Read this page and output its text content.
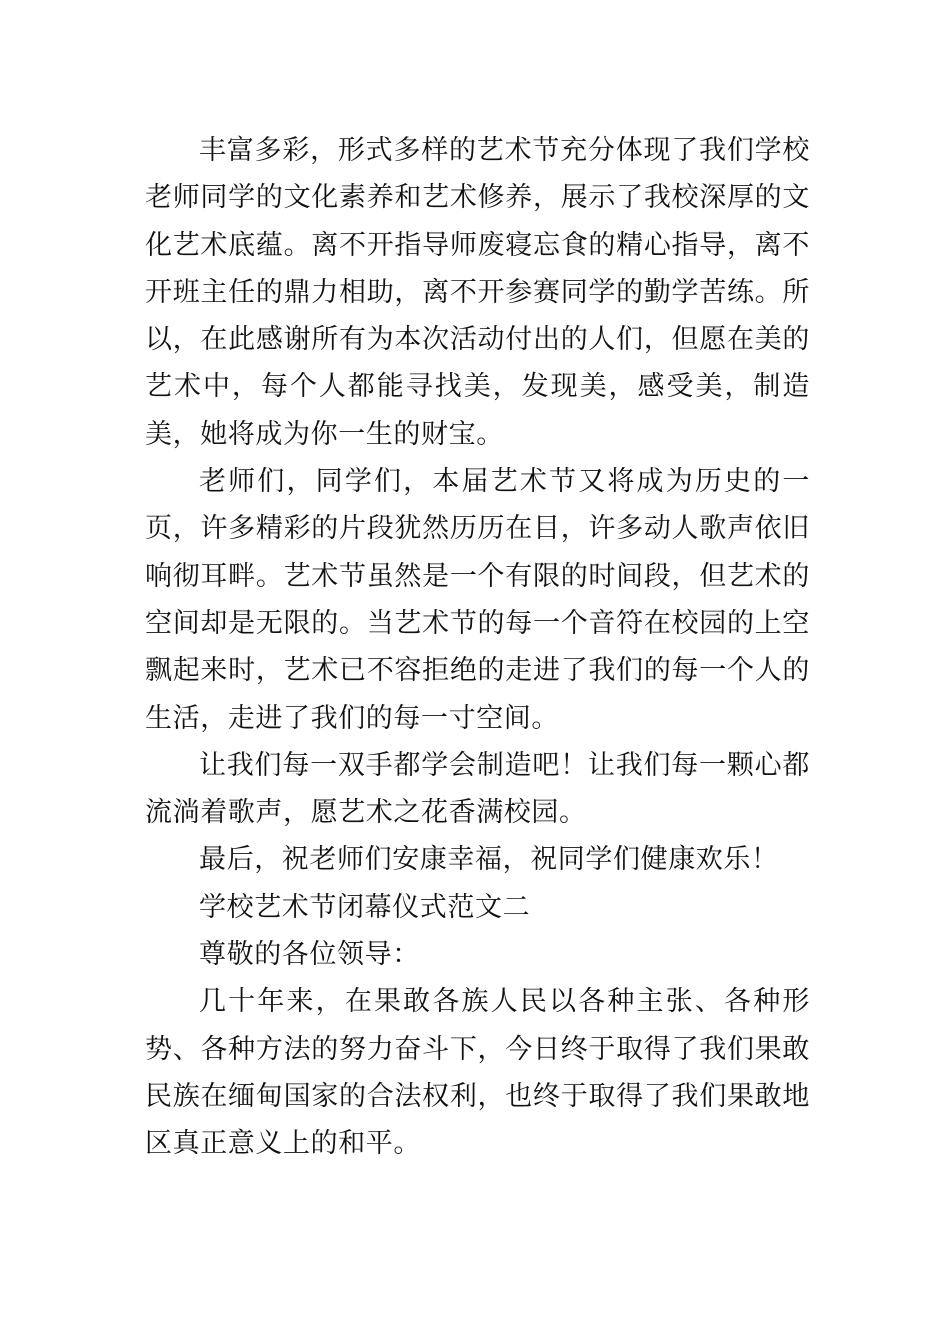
丰富多彩，形式多样的艺术节充分体现了我们学校老师同学的文化素养和艺术修养，展示了我校深厚的文化艺术底蕴。离不开指导师废寝忘食的精心指导，离不开班主任的鼎力相助，离不开参赛同学的勤学苦练。所以，在此感谢所有为本次活动付出的人们，但愿在美的艺术中，每个人都能寻找美，发现美，感受美，制造美，她将成为你一生的财宝。

老师们，同学们，本届艺术节又将成为历史的一页，许多精彩的片段犹然历历在目，许多动人歌声依旧响彻耳畔。艺术节虽然是一个有限的时间段，但艺术的空间却是无限的。当艺术节的每一个音符在校园的上空飘起来时，艺术已不容拒绝的走进了我们的每一个人的生活，走进了我们的每一寸空间。

让我们每一双手都学会制造吧！让我们每一颗心都流淌着歌声，愿艺术之花香满校园。

最后，祝老师们安康幸福，祝同学们健康欢乐！

学校艺术节闭幕仪式范文二

尊敬的各位领导：

几十年来，在果敢各族人民以各种主张、各种形势、各种方法的努力奋斗下，今日终于取得了我们果敢民族在缅甸国家的合法权利，也终于取得了我们果敢地区真正意义上的和平。
